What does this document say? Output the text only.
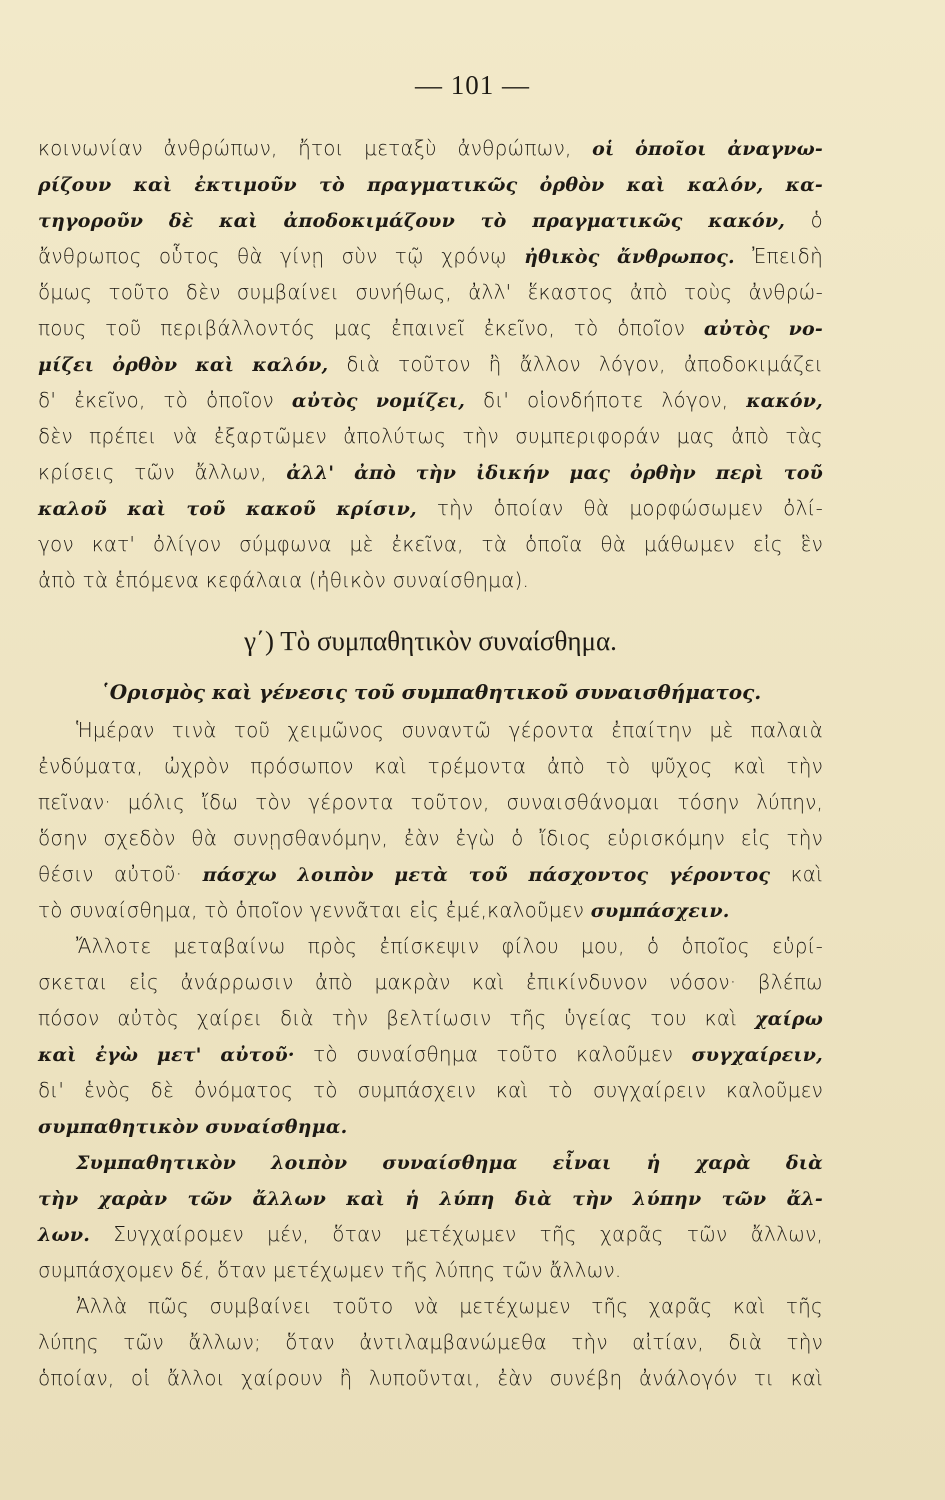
— 101 —
κοινωνίαν ἀνθρώπων, ἤτοι μεταξὺ ἀνθρώπων, οἱ ὁποῖοι ἀναγνω-
ρίζουν καὶ ἐκτιμοῦν τὸ πραγματικῶς ὀρθὸν καὶ καλόν, κα-
τηγοροῦν δὲ καὶ ἀποδοκιμάζουν τὸ πραγματικῶς κακόν, ὁ
ἄνθρωπος οὗτος θὰ γίνῃ σὺν τῷ χρόνῳ ἠθικὸς ἄνθρωπος. Ἐπειδὴ
ὅμως τοῦτο δὲν συμβαίνει συνήθως, ἀλλ' ἕκαστος ἀπὸ τοὺς ἀνθρώ-
πους τοῦ περιβάλλοντός μας ἐπαινεῖ ἐκεῖνο, τὸ ὁποῖον αὐτὸς νο-
μίζει ὀρθὸν καὶ καλόν, διὰ τοῦτον ἢ ἄλλον λόγον, ἀποδοκιμάζει
δ' ἐκεῖνο, τὸ ὁποῖον αὐτὸς νομίζει, δι' οἱονδήποτε λόγον, κακόν,
δὲν πρέπει νὰ ἐξαρτῶμεν ἀπολύτως τὴν συμπεριφοράν μας ἀπὸ τὰς
κρίσεις τῶν ἄλλων, ἀλλ' ἀπὸ τὴν ἰδικήν μας ὀρθὴν περὶ τοῦ
καλοῦ καὶ τοῦ κακοῦ κρίσιν, τὴν ὁποίαν θὰ μορφώσωμεν ὀλί-
γον κατ' ὀλίγον σύμφωνα μὲ ἐκεῖνα, τὰ ὁποῖα θὰ μάθωμεν εἰς ἓν
ἀπὸ τὰ ἑπόμενα κεφάλαια (ἠθικὸν συναίσθημα).
γ΄) Τὸ συμπαθητικὸν συναίσθημα.
῾Ορισμὸς καὶ γένεσις τοῦ συμπαθητικοῦ συναισθήματος.
Ἡμέραν τινὰ τοῦ χειμῶνος συναντῶ γέροντα ἐπαίτην μὲ παλαιὰ
ἐνδύματα, ὠχρὸν πρόσωπον καὶ τρέμοντα ἀπὸ τὸ ψῦχος καὶ τὴν
πεῖναν· μόλις ἴδω τὸν γέροντα τοῦτον, συναισθάνομαι τόσην λύπην,
ὅσην σχεδὸν θὰ συνῃσθανόμην, ἐὰν ἐγὼ ὁ ἴδιος εὑρισκόμην εἰς τὴν
θέσιν αὐτοῦ· πάσχω λοιπὸν μετὰ τοῦ πάσχοντος γέροντος καὶ
τὸ συναίσθημα, τὸ ὁποῖον γεννᾶται εἰς ἐμέ,καλοῦμεν συμπάσχειν.
Ἄλλοτε μεταβαίνω πρὸς ἐπίσκεψιν φίλου μου, ὁ ὁποῖος εὑρί-
σκεται εἰς ἀνάρρωσιν ἀπὸ μακρὰν καὶ ἐπικίνδυνον νόσον· βλέπω
πόσον αὐτὸς χαίρει διὰ τὴν βελτίωσιν τῆς ὑγείας του καὶ χαίρω
καὶ ἐγὼ μετ' αὐτοῦ· τὸ συναίσθημα τοῦτο καλοῦμεν συγχαίρειν,
δι' ἑνὸς δὲ ὀνόματος τὸ συμπάσχειν καὶ τὸ συγχαίρειν καλοῦμεν
συμπαθητικὸν συναίσθημα.
Συμπαθητικὸν λοιπὸν συναίσθημα εἶναι ἡ χαρὰ διὰ
τὴν χαρὰν τῶν ἄλλων καὶ ἡ λύπη διὰ τὴν λύπην τῶν ἄλ-
λων. Συγχαίρομεν μέν, ὅταν μετέχωμεν τῆς χαρᾶς τῶν ἄλλων,
συμπάσχομεν δέ, ὅταν μετέχωμεν τῆς λύπης τῶν ἄλλων.
Ἀλλὰ πῶς συμβαίνει τοῦτο νὰ μετέχωμεν τῆς χαρᾶς καὶ τῆς
λύπης τῶν ἄλλων; ὅταν ἀντιλαμβανώμεθα τὴν αἰτίαν, διὰ τὴν
ὁποίαν, οἱ ἄλλοι χαίρουν ἢ λυποῦνται, ἐὰν συνέβη ἀνάλογόν τι καὶ
